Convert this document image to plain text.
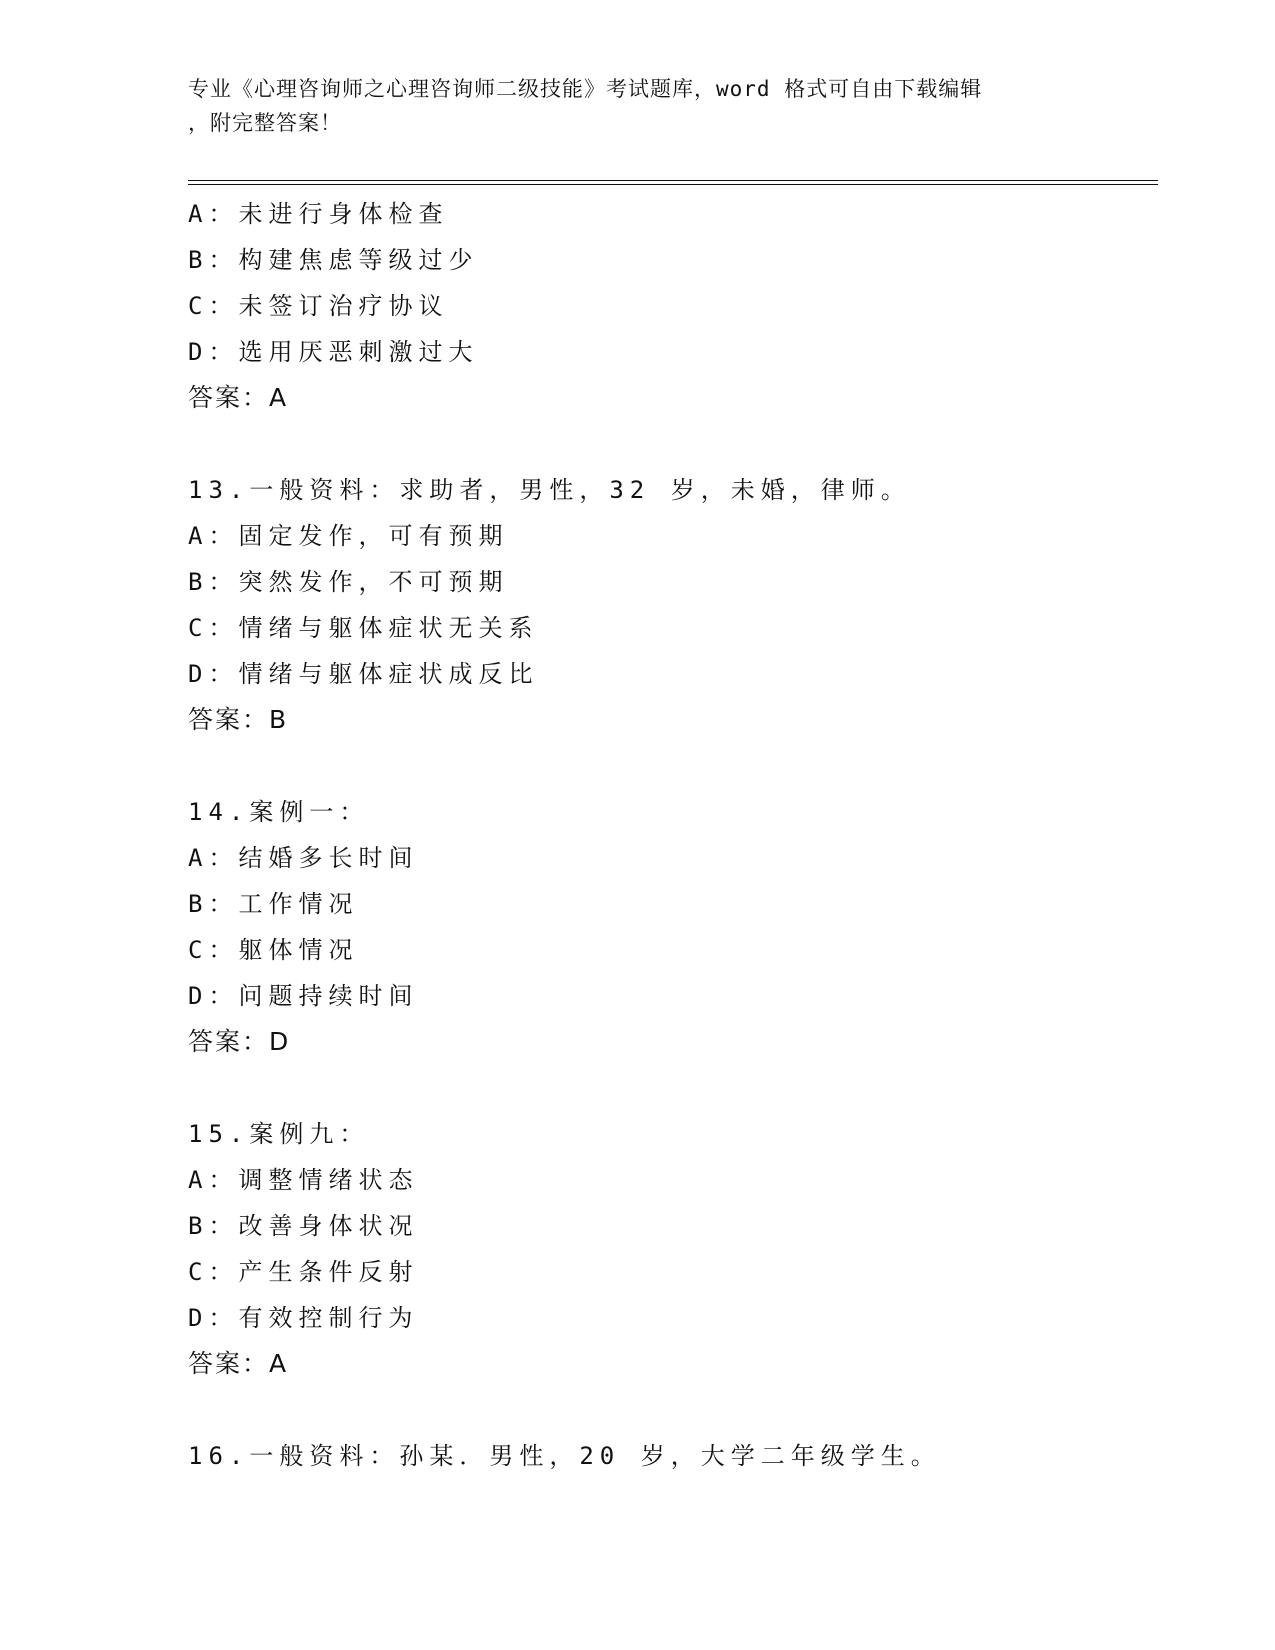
专业《心理咨询师之心理咨询师二级技能》考试题库，word 格式可自由下载编辑
，附完整答案！
A：未进行身体检查
B：构建焦虑等级过少
C：未签订治疗协议
D：选用厌恶刺激过大
答案：A
13.一般资料：求助者，男性，32 岁，未婚，律师。
A：固定发作，可有预期
B：突然发作，不可预期
C：情绪与躯体症状无关系
D：情绪与躯体症状成反比
答案：B
14.案例一：
A：结婚多长时间
B：工作情况
C：躯体情况
D：问题持续时间
答案：D
15.案例九：
A：调整情绪状态
B：改善身体状况
C：产生条件反射
D：有效控制行为
答案：A
16.一般资料：孙某．男性，20 岁，大学二年级学生。
